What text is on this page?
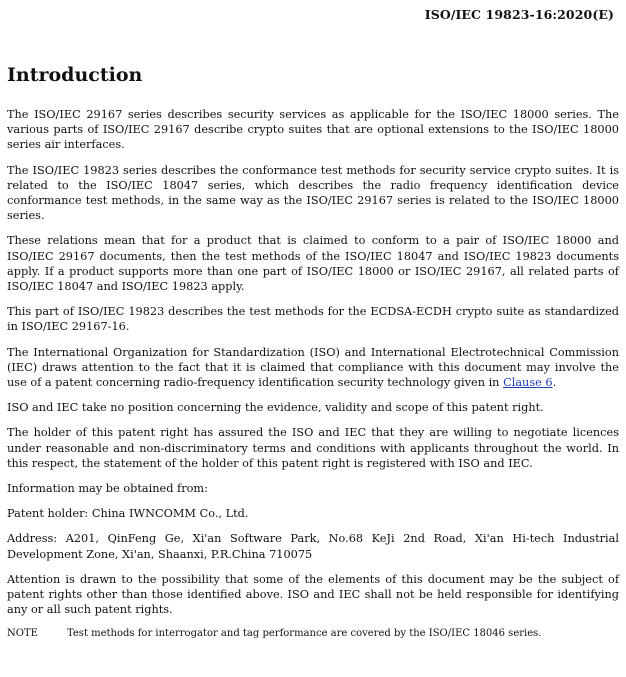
ISO/IEC 19823-16:2020(E)
Introduction

The ISO/IEC 29167 series describes security services as applicable for the ISO/IEC 18000 series. The various parts of ISO/IEC 29167 describe crypto suites that are optional extensions to the ISO/IEC 18000 series air interfaces.

The ISO/IEC 19823 series describes the conformance test methods for security service crypto suites. It is related to the ISO/IEC 18047 series, which describes the radio frequency identification device conformance test methods, in the same way as the ISO/IEC 29167 series is related to the ISO/IEC 18000 series.

These relations mean that for a product that is claimed to conform to a pair of ISO/IEC 18000 and ISO/IEC 29167 documents, then the test methods of the ISO/IEC 18047 and ISO/IEC 19823 documents apply. If a product supports more than one part of ISO/IEC 18000 or ISO/IEC 29167, all related parts of ISO/IEC 18047 and ISO/IEC 19823 apply.

This part of ISO/IEC 19823 describes the test methods for the ECDSA-ECDH crypto suite as standardized in ISO/IEC 29167-16.

The International Organization for Standardization (ISO) and International Electrotechnical Commission (IEC) draws attention to the fact that it is claimed that compliance with this document may involve the use of a patent concerning radio-frequency identification security technology given in Clause 6.

ISO and IEC take no position concerning the evidence, validity and scope of this patent right.

The holder of this patent right has assured the ISO and IEC that they are willing to negotiate licences under reasonable and non-discriminatory terms and conditions with applicants throughout the world. In this respect, the statement of the holder of this patent right is registered with ISO and IEC.

Information may be obtained from:

Patent holder: China IWNCOMM Co., Ltd.

Address: A201, QinFeng Ge, Xi'an Software Park, No.68 KeJi 2nd Road, Xi'an Hi-tech Industrial Development Zone, Xi'an, Shaanxi, P.R.China 710075

Attention is drawn to the possibility that some of the elements of this document may be the subject of patent rights other than those identified above. ISO and IEC shall not be held responsible for identifying any or all such patent rights.

NOTE	Test methods for interrogator and tag performance are covered by the ISO/IEC 18046 series.
